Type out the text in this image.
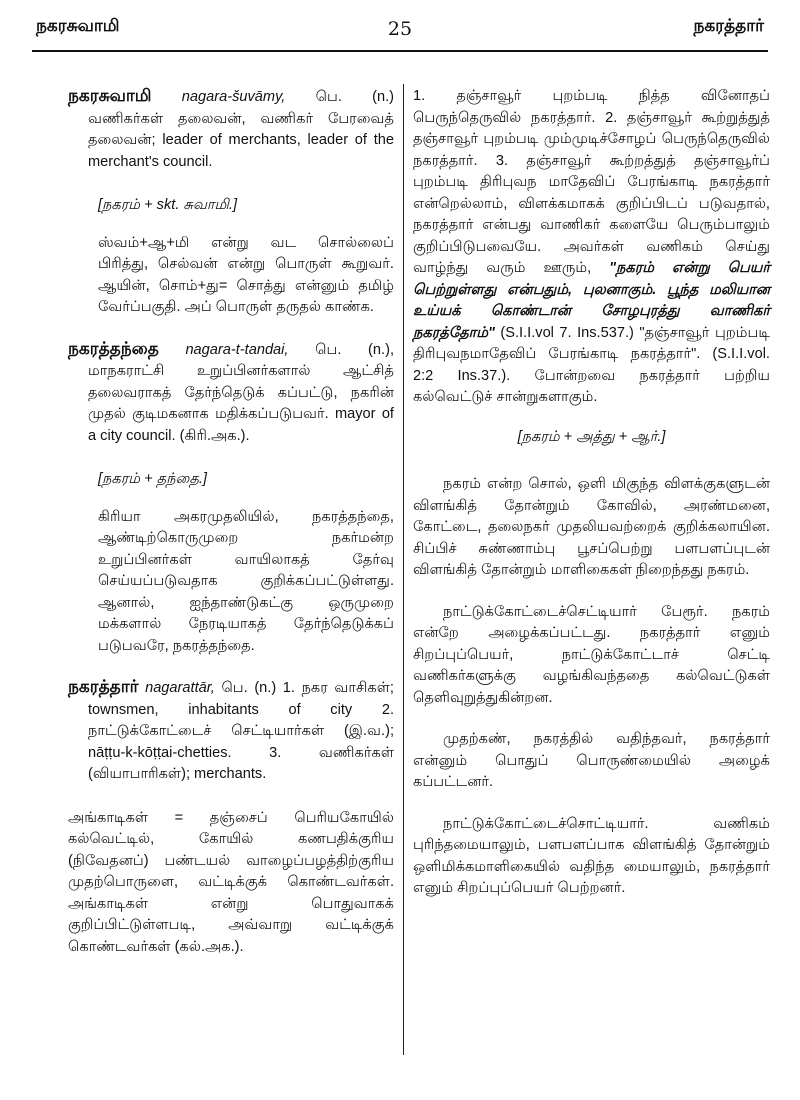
நகரசுவாமி	25	நகரத்தார்
நகரசுவாமி nagara-šuvāmy, பெ. (n.) வணிகர்கள் தலைவன், வணிகர் பேரவைத் தலைவன்; leader of merchants, leader of the merchant's council.
[நகரம் + skt. சுவாமி.]
ஸ்வம்+ஆ+மி என்று வட சொல்லைப் பிரித்து, செல்வன் என்று பொருள் கூறுவர். ஆயின், சொம்+து= சொத்து என்னும் தமிழ் வேர்ப்பகுதி. அப் பொருள் தருதல் காண்க.
நகரத்தந்தை nagara-t-tandai, பெ. (n.), மாநகராட்சி உறுப்பினர்களால் ஆட்சித் தலைவராகத் தேர்ந்தெடுக் கப்பட்டு, நகரின் முதல் குடிமகனாக மதிக்கப்படுபவர். mayor of a city council. (கிரி.அக.).
[நகரம் + தந்தை.]
கிரியா அகரமுதலியில், நகரத்தந்தை, ஆண்டிற்கொருமுறை நகர்மன்ற உறுப்பினர்கள் வாயிலாகத் தேர்வு செய்யப்படுவதாக குறிக்கப்பட்டுள்ளது. ஆனால், ஐந்தாண்டுகட்கு ஒருமுறை மக்களால் நேரடியாகத் தேர்ந்தெடுக்கப் படுபவரே, நகரத்தந்தை.
நகரத்தார் nagarattār, பெ. (n.) 1. நகர வாசிகள்; townsmen, inhabitants of city 2. நாட்டுக்கோட்டைச் செட்டியார்கள் (இ.வ.); nāṭṭu-k-kōṭṭai-chetties. 3. வணிகர்கள் (வியாபாரிகள்); merchants.
அங்காடிகள் = தஞ்சைப் பெரியகோயில் கல்வெட்டில், கோயில் கணபதிக்குரிய (நிவேதனப்) பண்டயல் வாழைப்பழத்திற்குரிய முதற்பொருளை, வட்டிக்குக் கொண்டவர்கள். அங்காடிகள் என்று பொதுவாகக் குறிப்பிட்டுள்ளபடி, அவ்வாறு வட்டிக்குக் கொண்டவர்கள் (கல்.அக.).
1. தஞ்சாவூர் புறம்படி நித்த வினோதப் பெருந்தெருவில் நகரத்தார். 2. தஞ்சாவூர் கூற்றுத்துத் தஞ்சாவூர் புறம்படி மும்முடிச்சோழப் பெருந்தெருவில் நகரத்தார். 3. தஞ்சாவூர் கூற்றத்துத் தஞ்சாவூர்ப் புறம்படி திரிபுவந மாதேவிப் பேரங்காடி நகரத்தார் என்றெல்லாம், விளக்கமாகக் குறிப்பிடப் படுவதால், நகரத்தார் என்பது வாணிகர் களையே பெரும்பாலும் குறிப்பிடுபவையே. அவர்கள் வணிகம் செய்து வாழ்ந்து வரும் ஊரும், "நகரம் என்று பெயர் பெற்றுள்ளது என்பதும், புலனாகும். பூந்த மலியான உய்யக் கொண்டான் சோழபுரத்து வாணிகர் நகரத்தோம்" (S.I.I.vol 7. Ins.537.) "தஞ்சாவூர் புறம்படி திரிபுவநமாதேவிப் பேரங்காடி நகரத்தார்". (S.I.I.vol. 2:2 Ins.37.). போன்றவை நகரத்தார் பற்றிய கல்வெட்டுச் சான்றுகளாகும்.
[நகரம் + அத்து + ஆர்.]
நகரம் என்ற சொல், ஒளி மிகுந்த விளக்குகளுடன் விளங்கித் தோன்றும் கோவில், அரண்மனை, கோட்டை, தலைநகர் முதலியவற்றைக் குறிக்கலாயின. சிப்பிச் சுண்ணாம்பு பூசப்பெற்று பளபளப்புடன் விளங்கித் தோன்றும் மாளிகைகள் நிறைந்தது நகரம்.
நாட்டுக்கோட்டைச்செட்டியார் பேரூர். நகரம் என்றே அழைக்கப்பட்டது. நகரத்தார் எனும் சிறப்புப்பெயர், நாட்டுக்கோட்டாச் செட்டி வணிகர்களுக்கு வழங்கிவந்ததை கல்வெட்டுகள் தெளிவுறுத்துகின்றன.
முதற்கண், நகரத்தில் வதிந்தவர், நகரத்தார் என்னும் பொதுப் பொருண்மையில் அழைக் கப்பட்டனர்.
நாட்டுக்கோட்டைச்சொட்டியார். வணிகம் புரிந்தமையாலும், பளபளப்பாக விளங்கித் தோன்றும் ஒளிமிக்கமாளிகையில் வதிந்த மையாலும், நகரத்தார் எனும் சிறப்புப்பெயர் பெற்றனர்.
